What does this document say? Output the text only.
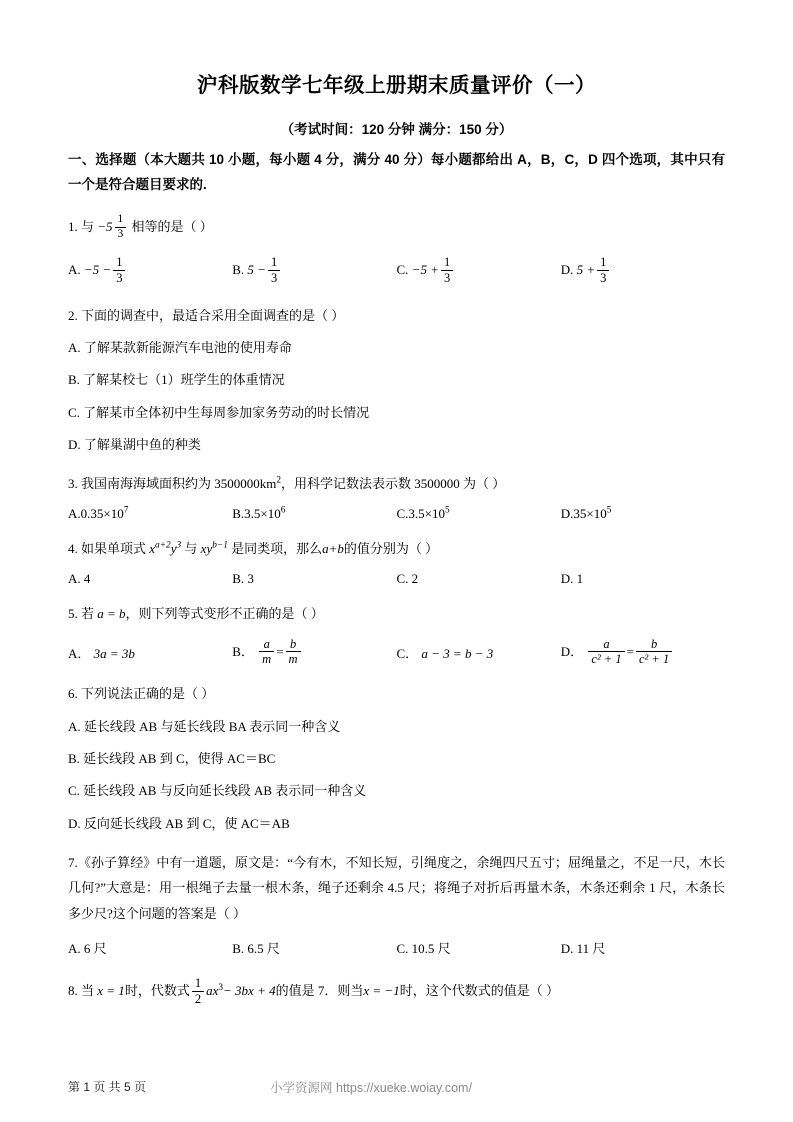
沪科版数学七年级上册期末质量评价（一）
（考试时间：120 分钟 满分：150 分）
一、选择题（本大题共 10 小题，每小题 4 分，满分 40 分）每小题都给出 A，B，C，D 四个选项，其中只有一个是符合题目要求的.
1. 与 $-5 \frac{1}{3}$ 相等的是（ ）
A. $-5 - \frac{1}{3}$	B. $5 - \frac{1}{3}$	C. $-5 + \frac{1}{3}$	D. $5 + \frac{1}{3}$
2. 下面的调查中，最适合采用全面调查的是（ ）
A. 了解某款新能源汽车电池的使用寿命
B. 了解某校七（1）班学生的体重情况
C. 了解某市全体初中生每周参加家务劳动的时长情况
D. 了解巢湖中鱼的种类
3. 我国南海海域面积约为 $3500000km^2$，用科学记数法表示数 3500000 为（ ）
$A.0.35\times 10^7$	$B.3.5\times 10^6$	$C.3.5\times 10^5$	$D.35\times 10^5$
4. 如果单项式 $x^{a+2}y^3$ 与 $xy^{b-1}$ 是同类项，那么a+b的值分别为（ ）
A. 4	B. 3	C. 2	D. 1
5. 若 a = b，则下列等式变形不正确的是（ ）
A． 3a = 3b	B． $\frac{a}{m} = \frac{b}{m}$	C． a − 3 = b − 3	D． $\frac{a}{\text{c² + 1}} = \frac{b}{\text{c² + 1}}$
6. 下列说法正确的是（ ）
A. 延长线段 AB 与延长线段 BA 表示同一种含义
B. 延长线段 AB 到 C，使得 AC＝BC
C. 延长线段 AB 与反向延长线段 AB 表示同一种含义
D. 反向延长线段 AB 到 C，使 AC＝AB
7.《孙子算经》中有一道题，原文是：“今有木，不知长短，引绳度之，余绳四尺五寸；屈绳量之，不足一尺，木长几何?”大意是：用一根绳子去量一根木条，绳子还剩余 4.5 尺；将绳子对折后再量木条，木条还剩余 1 尺，木条长多少尺?这个问题的答案是（ ）
A. 6 尺	B. 6.5 尺	C. 10.5 尺	D. 11 尺
8. 当 x = 1时，代数式 $\frac{1}{2} ax^3- 3bx + 4$的值是 7．则当x = −1时，这个代数式的值是（ ）
第 1 页 共 5 页	小学资源网 https://xueke.woiay.com/
